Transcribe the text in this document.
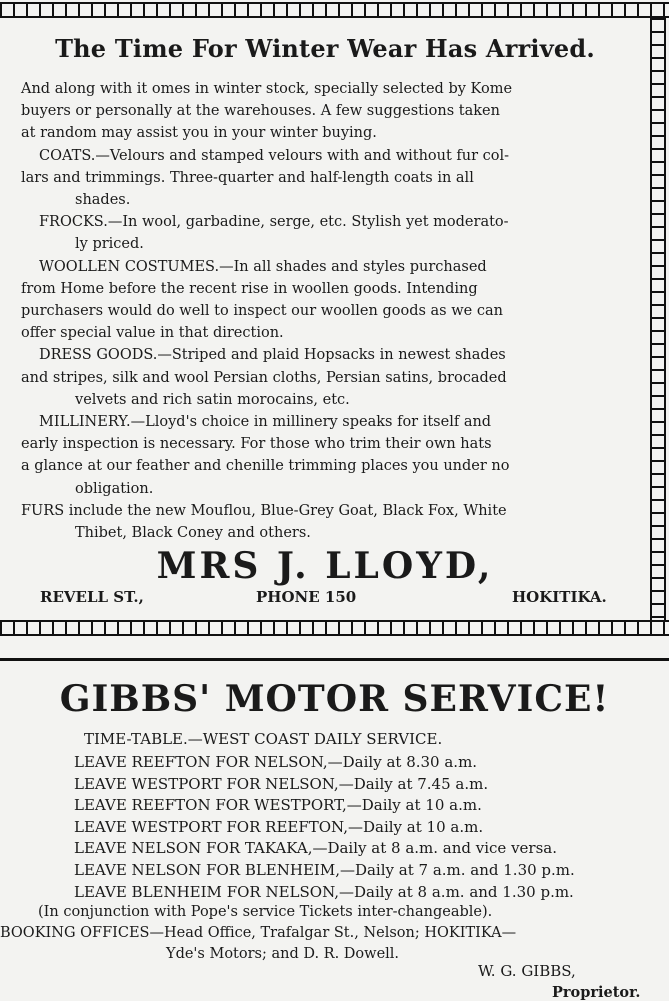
The Time For Winter Wear Has Arrived.
And along with it omes in winter stock, specially selected by Kome
buyers or personally at the warehouses. A few suggestions taken
at random may assist you in your winter buying.
COATS.—Velours and stamped velours with and without fur col-
lars and trimmings. Three-quarter and half-length coats in all
shades.
FROCKS.—In wool, garbadine, serge, etc. Stylish yet moderato-
ly priced.
WOOLLEN COSTUMES.—In all shades and styles purchased
from Home before the recent rise in woollen goods. Intending
purchasers would do well to inspect our woollen goods as we can
offer special value in that direction.
DRESS GOODS.—Striped and plaid Hopsacks in newest shades
and stripes, silk and wool Persian cloths, Persian satins, brocaded
velvets and rich satin morocains, etc.
MILLINERY.—Lloyd's choice in millinery speaks for itself and
early inspection is necessary. For those who trim their own hats
a glance at our feather and chenille trimming places you under no
obligation.
FURS include the new Mouflou, Blue-Grey Goat, Black Fox, White
Thibet, Black Coney and others.
MRS J. LLOYD,
REVELL ST.,	PHONE 150	HOKITIKA.
GIBBS' MOTOR SERVICE!
TIME-TABLE.—WEST COAST DAILY SERVICE.
LEAVE REEFTON FOR NELSON,—Daily at 8.30 a.m.
LEAVE WESTPORT FOR NELSON,—Daily at 7.45 a.m.
LEAVE REEFTON FOR WESTPORT,—Daily at 10 a.m.
LEAVE WESTPORT FOR REEFTON,—Daily at 10 a.m.
LEAVE NELSON FOR TAKAKA,—Daily at 8 a.m. and vice versa.
LEAVE NELSON FOR BLENHEIM,—Daily at 7 a.m. and 1.30 p.m.
LEAVE BLENHEIM FOR NELSON,—Daily at 8 a.m. and 1.30 p.m.
(In conjunction with Pope's service Tickets inter-changeable).
BOOKING OFFICES—Head Office, Trafalgar St., Nelson; HOKITIKA—
Yde's Motors; and D. R. Dowell.
W. G. GIBBS,
Proprietor.
